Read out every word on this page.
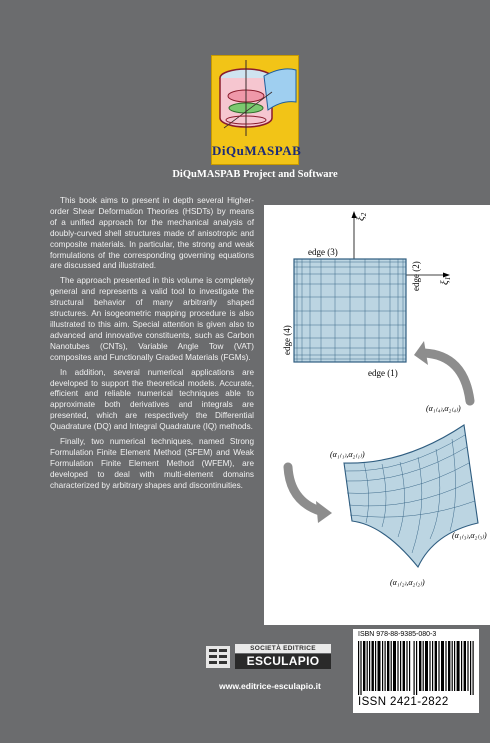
DiQuMASPAB
DiQuMASPAB Project and Software

This book aims to present in depth several Higher-order Shear Deformation Theories (HSDTs) by means of a unified approach for the mechanical analysis of doubly-curved shell structures made of anisotropic and composite materials. In particular, the strong and weak formulations of the corresponding governing equations are discussed and illustrated.

The approach presented in this volume is completely general and represents a valid tool to investigate the structural behavior of many arbitrarily shaped structures. An isogeometric mapping procedure is also illustrated to this aim. Special attention is given also to advanced and innovative constituents, such as Carbon Nanotubes (CNTs), Variable Angle Tow (VAT) composites and Functionally Graded Materials (FGMs).

In addition, several numerical applications are developed to support the theoretical models. Accurate, efficient and reliable numerical techniques able to approximate both derivatives and integrals are presented, which are respectively the Differential Quadrature (DQ) and Integral Quadrature (IQ) methods.

Finally, two numerical techniques, named Strong Formulation Finite Element Method (SFEM) and Weak Formulation Finite Element Method (WFEM), are developed to deal with multi-element domains characterized by arbitrary shapes and discontinuities.

ξ2
ξ1
edge (3)
edge (1)
edge (2)
edge (4)
(α₁₍₄₎,α₂₍₄₎)
(α₁₍₁₎,α₂₍₁₎)
(α₁₍₃₎,α₂₍₃₎)
(α₁₍₂₎,α₂₍₂₎)
SOCIETÀ EDITRICE
ESCULAPIO
www.editrice-esculapio.it
ISBN 978-88-9385-080-3
ISSN 2421-2822
